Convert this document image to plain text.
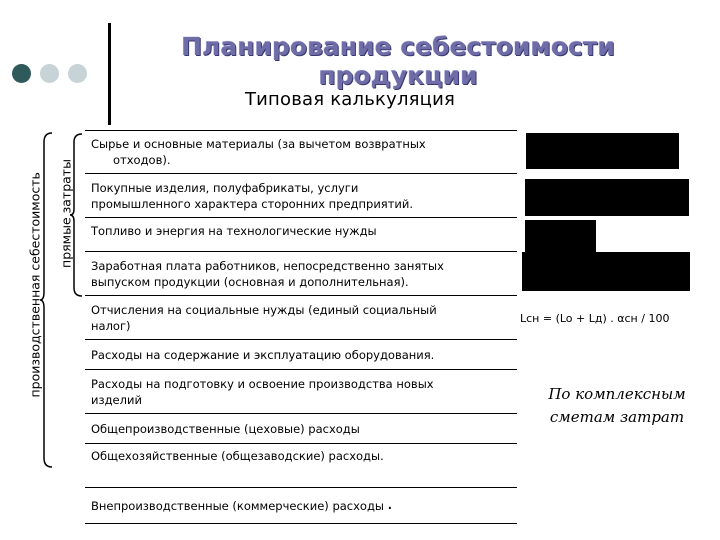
Планирование себестоимости продукции
Типовая калькуляция
производственная себестоимость прямые затраты
Сырье и основные материалы (за вычетом возвратных
отходов).
Покупные изделия, полуфабрикаты, услуги
промышленного характера сторонних предприятий.
Топливо и энергия на технологические нужды
Заработная плата работников, непосредственно занятых
выпуском продукции (основная и дополнительная).
Отчисления на социальные нужды (единый социальный
налог)
Расходы на содержание и эксплуатацию оборудования.
Расходы на подготовку и освоение производства новых
изделий
Общепроизводственные (цеховые) расходы
Общехозяйственные (общезаводские) расходы.
Внепроизводственные (коммерческие) расходы .
Lсн = (Lo + Lд) . αсн / 100
По комплексным
сметам затрат
